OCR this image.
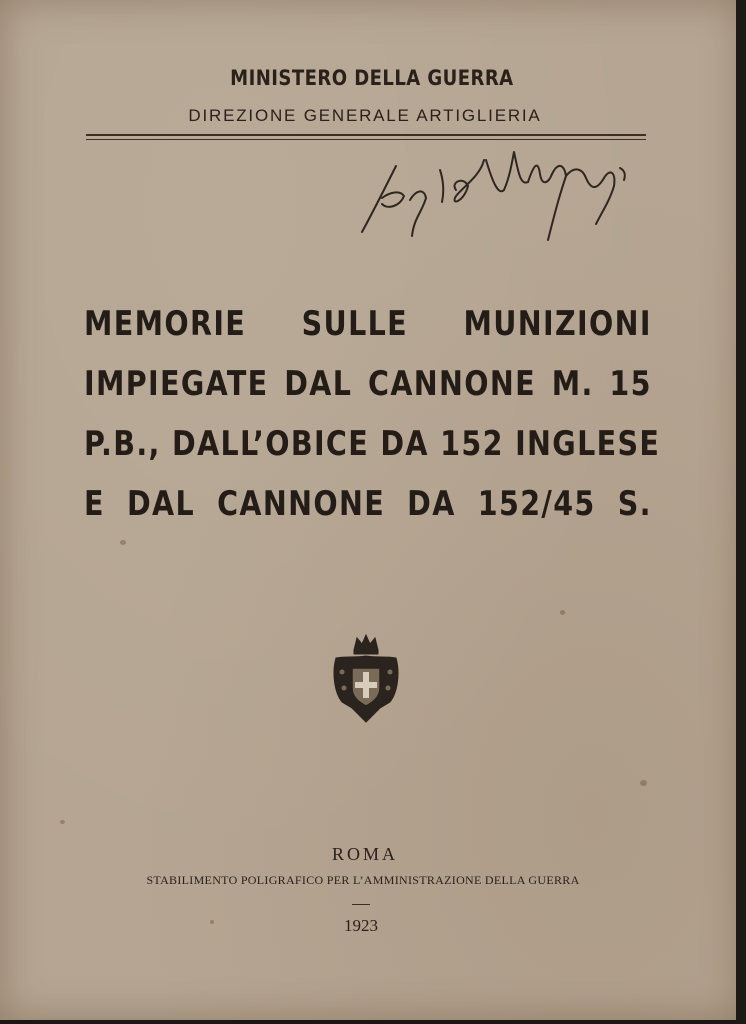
MINISTERO DELLA GUERRA
DIREZIONE GENERALE ARTIGLIERIA
MEMORIE SULLE MUNIZIONI
IMPIEGATE DAL CANNONE M. 15
P.B., DALL’OBICE DA 152 INGLESE
E DAL CANNONE DA 152/45 S.
ROMA
STABILIMENTO POLIGRAFICO PER L’AMMINISTRAZIONE DELLA GUERRA
1923
